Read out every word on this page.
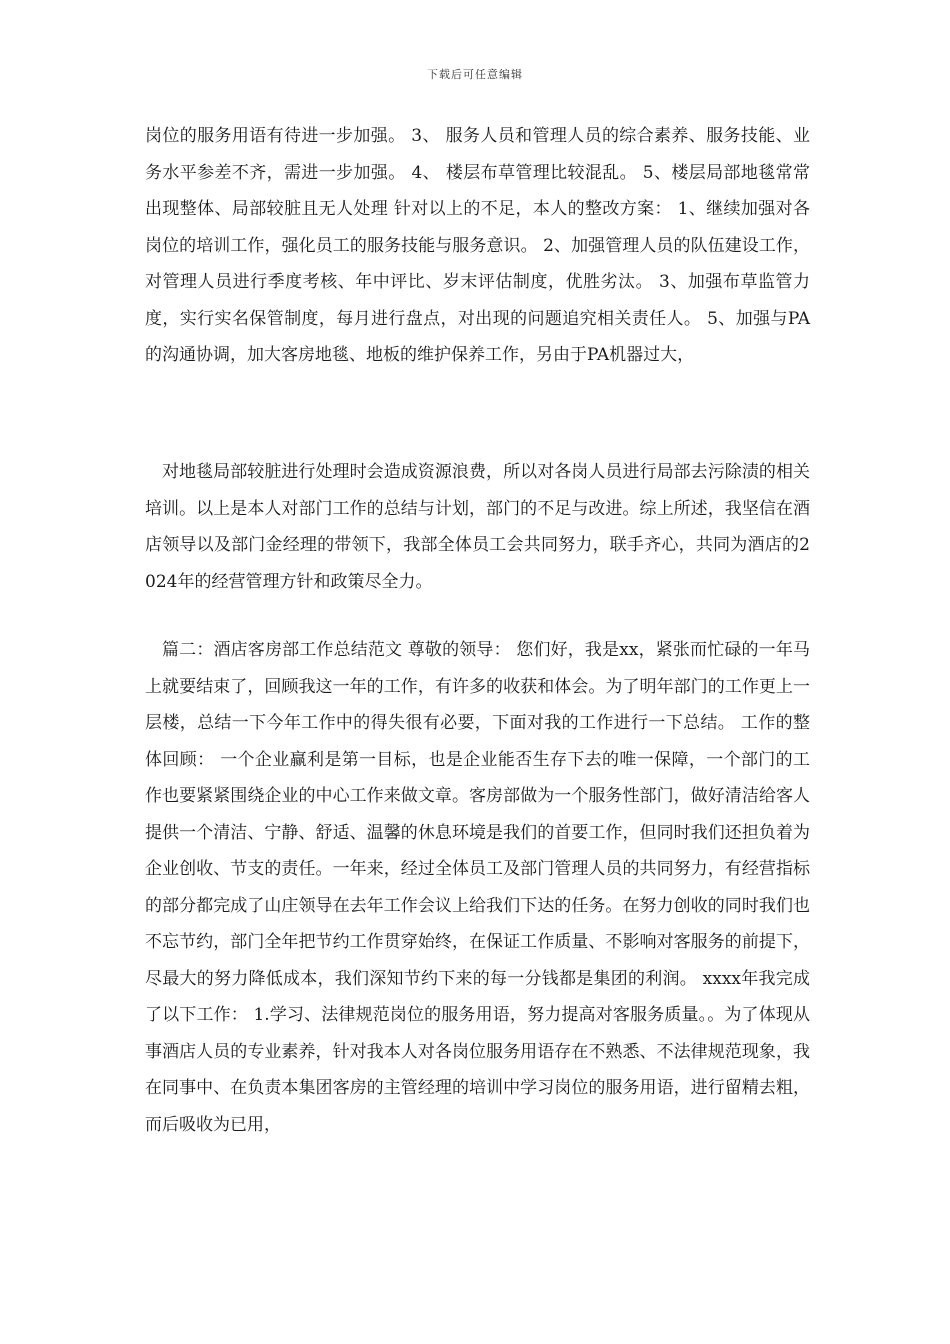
下载后可任意编辑

岗位的服务用语有待进一步加强。 3、 服务人员和管理人员的综合素养、服务技能、业务水平参差不齐，需进一步加强。 4、 楼层布草管理比较混乱。 5、楼层局部地毯常常出现整体、局部较脏且无人处理 针对以上的不足，本人的整改方案： 1、继续加强对各岗位的培训工作，强化员工的服务技能与服务意识。 2、加强管理人员的队伍建设工作，对管理人员进行季度考核、年中评比、岁末评估制度，优胜劣汰。 3、加强布草监管力度，实行实名保管制度，每月进行盘点，对出现的问题追究相关责任人。 5、加强与PA的沟通协调，加大客房地毯、地板的维护保养工作，另由于PA机器过大，

对地毯局部较脏进行处理时会造成资源浪费，所以对各岗人员进行局部去污除渍的相关培训。以上是本人对部门工作的总结与计划，部门的不足与改进。综上所述，我坚信在酒店领导以及部门金经理的带领下，我部全体员工会共同努力，联手齐心，共同为酒店的2024年的经营管理方针和政策尽全力。

篇二：酒店客房部工作总结范文 尊敬的领导： 您们好，我是xx，紧张而忙碌的一年马上就要结束了，回顾我这一年的工作，有许多的收获和体会。为了明年部门的工作更上一层楼，总结一下今年工作中的得失很有必要，下面对我的工作进行一下总结。 工作的整体回顾： 一个企业赢利是第一目标，也是企业能否生存下去的唯一保障，一个部门的工作也要紧紧围绕企业的中心工作来做文章。客房部做为一个服务性部门，做好清洁给客人提供一个清洁、宁静、舒适、温馨的休息环境是我们的首要工作，但同时我们还担负着为企业创收、节支的责任。一年来，经过全体员工及部门管理人员的共同努力，有经营指标的部分都完成了山庄领导在去年工作会议上给我们下达的任务。在努力创收的同时我们也不忘节约，部门全年把节约工作贯穿始终，在保证工作质量、不影响对客服务的前提下，尽最大的努力降低成本，我们深知节约下来的每一分钱都是集团的利润。 xxxx年我完成了以下工作： 1.学习、法律规范岗位的服务用语，努力提高对客服务质量。。为了体现从事酒店人员的专业素养，针对我本人对各岗位服务用语存在不熟悉、不法律规范现象，我在同事中、在负责本集团客房的主管经理的培训中学习岗位的服务用语，进行留精去粗，而后吸收为已用，
